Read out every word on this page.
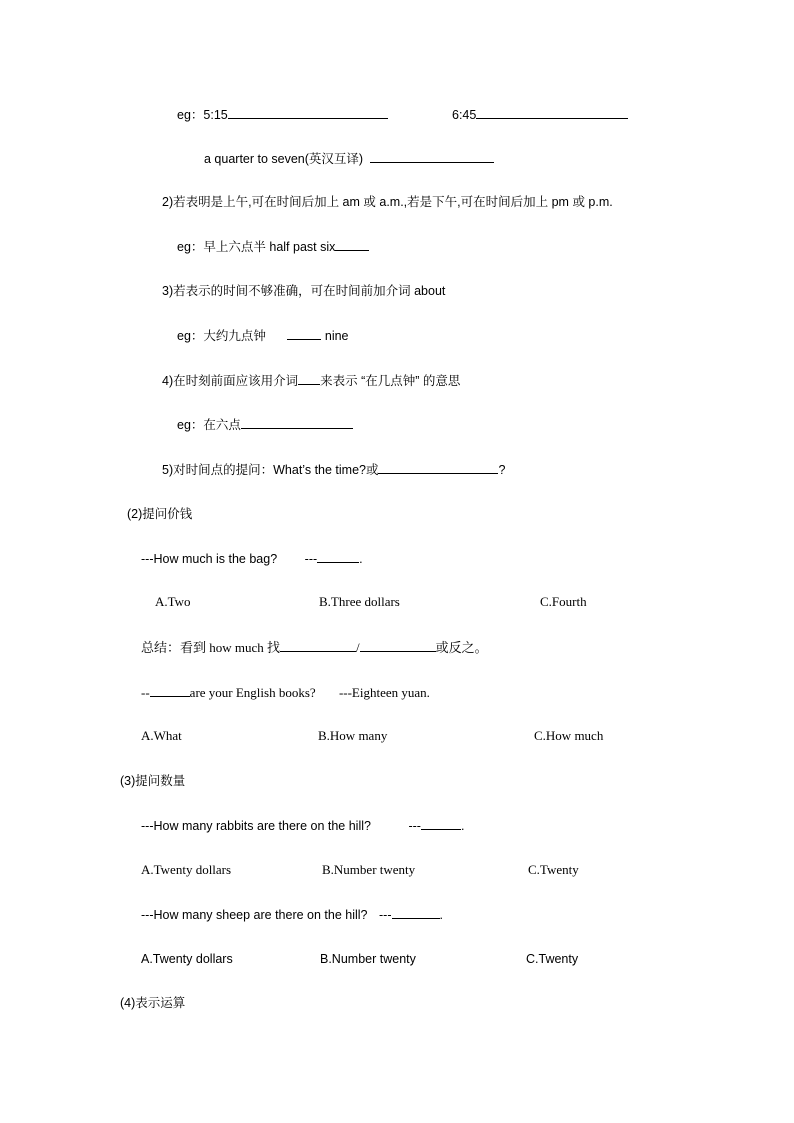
eg：5:15	6:45
a quarter to seven(英汉互译)
2)若表明是上午,可在时间后加上 am 或 a.m.,若是下午,可在时间后加上 pm 或 p.m.
eg：早上六点半 half past six
3)若表示的时间不够准确，可在时间前加介词 about
eg：大约九点钟	nine
4)在时刻前面应该用介词 来表示 “在几点钟” 的意思
eg：在六点
5)对时间点的提问：What’s the time?或	?
(2)提问价钱
---How much is the bag? ---	.
A.Two	B.Three dollars	C.Fourth
总结：看到 how much 找	/	或反之。
--	are your English books? ---Eighteen yuan.
A.What	B.How many	C.How much
(3)提问数量
---How many rabbits are there on the hill?	---	.
A.Twenty dollars	B.Number twenty	C.Twenty
---How many sheep are there on the hill? ---	.
A.Twenty dollars	B.Number twenty	C.Twenty
(4)表示运算
